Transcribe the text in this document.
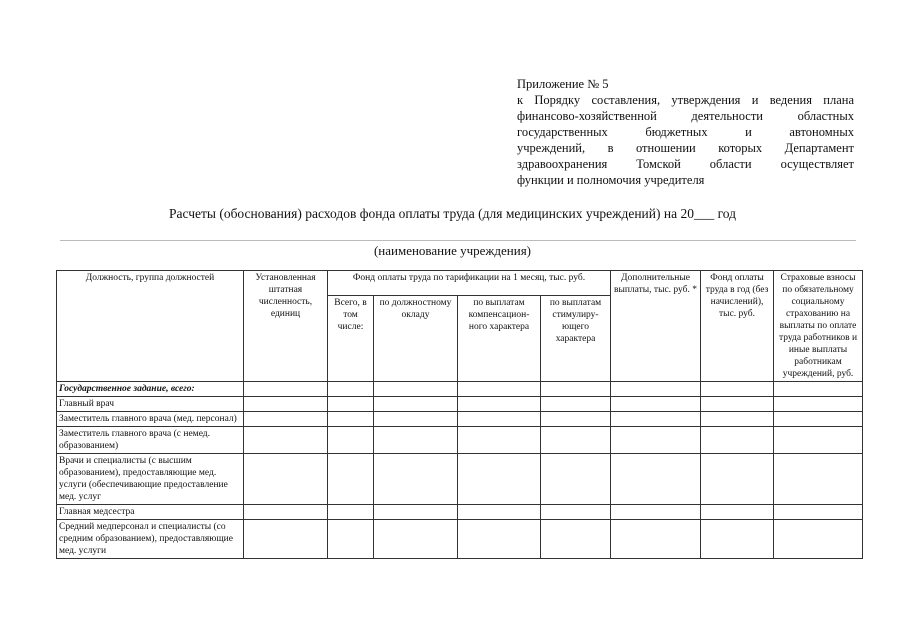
Приложение № 5
к Порядку составления, утверждения и ведения плана
финансово-хозяйственной деятельности областных
государственных бюджетных и автономных
учреждений, в отношении которых Департамент
здравоохранения Томской области осуществляет
функции и полномочия учредителя
Расчеты (обоснования) расходов фонда оплаты труда (для медицинских учреждений) на 20___ год
(наименование учреждения)
Должность, группа должностей	Установленная штатная численность, единиц	Фонд оплаты труда по тарификации на 1 месяц, тыс. руб.				Дополнительные выплаты, тыс. руб. *	Фонд оплаты труда в год (без начислений), тыс. руб.	Страховые взносы по обязательному социальному страхованию на выплаты по оплате труда работников и иные выплаты работникам учреждений, руб.
		Всего, в том числе:	по должностному окладу	по выплатам компенсацион-ного характера	по выплатам стимулиру-ющего характера			
Государственное задание, всего:								
Главный врач								
Заместитель главного врача (мед. персонал)								
Заместитель главного врача (с немед. образованием)								
Врачи и специалисты (с высшим образованием), предоставляющие мед. услуги (обеспечивающие предоставление мед. услуг								
Главная медсестра								
Средний медперсонал и специалисты (со средним образованием), предоставляющие мед. услуги								
